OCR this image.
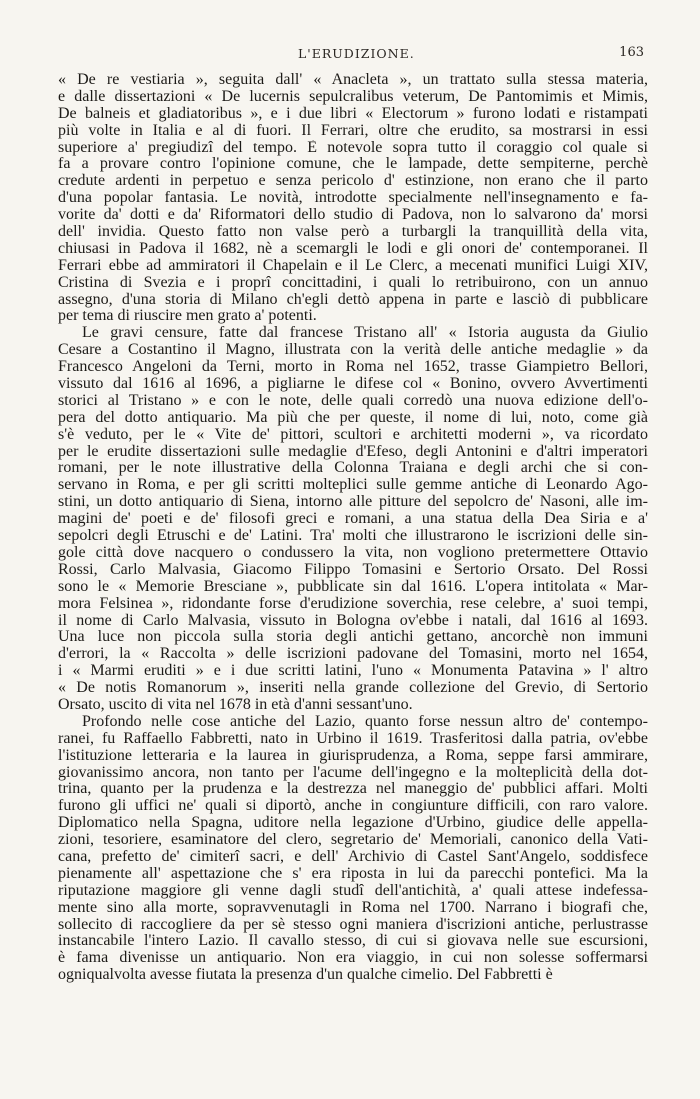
L'ERUDIZIONE.	163
« De re vestiaria », seguita dall' « Anacleta », un trattato sulla stessa materia,
e dalle dissertazioni « De lucernis sepulcralibus veterum, De Pantomimis et Mimis,
De balneis et gladiatoribus », e i due libri « Electorum » furono lodati e ristampati
più volte in Italia e al di fuori. Il Ferrari, oltre che erudito, sa mostrarsi in essi
superiore a' pregiudizî del tempo. È notevole sopra tutto il coraggio col quale si
fa a provare contro l'opinione comune, che le lampade, dette sempiterne, perchè
credute ardenti in perpetuo e senza pericolo d' estinzione, non erano che il parto
d'una popolar fantasia. Le novità, introdotte specialmente nell'insegnamento e fa-
vorite da' dotti e da' Riformatori dello studio di Padova, non lo salvarono da' morsi
dell' invidia. Questo fatto non valse però a turbargli la tranquillità della vita,
chiusasi in Padova il 1682, nè a scemargli le lodi e gli onori de' contemporanei. Il
Ferrari ebbe ad ammiratori il Chapelain e il Le Clerc, a mecenati munifici Luigi XIV,
Cristina di Svezia e i proprî concittadini, i quali lo retribuirono, con un annuo
assegno, d'una storia di Milano ch'egli dettò appena in parte e lasciò di pubblicare
per tema di riuscire men grato a' potenti.
Le gravi censure, fatte dal francese Tristano all' « Istoria augusta da Giulio
Cesare a Costantino il Magno, illustrata con la verità delle antiche medaglie » da
Francesco Angeloni da Terni, morto in Roma nel 1652, trasse Giampietro Bellori,
vissuto dal 1616 al 1696, a pigliarne le difese col « Bonino, ovvero Avvertimenti
storici al Tristano » e con le note, delle quali corredò una nuova edizione dell'o-
pera del dotto antiquario. Ma più che per queste, il nome di lui, noto, come già
s'è veduto, per le « Vite de' pittori, scultori e architetti moderni », va ricordato
per le erudite dissertazioni sulle medaglie d'Efeso, degli Antonini e d'altri imperatori
romani, per le note illustrative della Colonna Traiana e degli archi che si con-
servano in Roma, e per gli scritti molteplici sulle gemme antiche di Leonardo Ago-
stini, un dotto antiquario di Siena, intorno alle pitture del sepolcro de' Nasoni, alle im-
magini de' poeti e de' filosofi greci e romani, a una statua della Dea Siria e a'
sepolcri degli Etruschi e de' Latini. Tra' molti che illustrarono le iscrizioni delle sin-
gole città dove nacquero o condussero la vita, non vogliono pretermettere Ottavio
Rossi, Carlo Malvasia, Giacomo Filippo Tomasini e Sertorio Orsato. Del Rossi
sono le « Memorie Bresciane », pubblicate sin dal 1616. L'opera intitolata « Mar-
mora Felsinea », ridondante forse d'erudizione soverchia, rese celebre, a' suoi tempi,
il nome di Carlo Malvasia, vissuto in Bologna ov'ebbe i natali, dal 1616 al 1693.
Una luce non piccola sulla storia degli antichi gettano, ancorchè non immuni
d'errori, la « Raccolta » delle iscrizioni padovane del Tomasini, morto nel 1654,
i « Marmi eruditi » e i due scritti latini, l'uno « Monumenta Patavina » l' altro
« De notis Romanorum », inseriti nella grande collezione del Grevio, di Sertorio
Orsato, uscito di vita nel 1678 in età d'anni sessant'uno.
Profondo nelle cose antiche del Lazio, quanto forse nessun altro de' contempo-
ranei, fu Raffaello Fabbretti, nato in Urbino il 1619. Trasferitosi dalla patria, ov'ebbe
l'istituzione letteraria e la laurea in giurisprudenza, a Roma, seppe farsi ammirare,
giovanissimo ancora, non tanto per l'acume dell'ingegno e la molteplicità della dot-
trina, quanto per la prudenza e la destrezza nel maneggio de' pubblici affari. Molti
furono gli uffici ne' quali si diportò, anche in congiunture difficili, con raro valore.
Diplomatico nella Spagna, uditore nella legazione d'Urbino, giudice delle appella-
zioni, tesoriere, esaminatore del clero, segretario de' Memoriali, canonico della Vati-
cana, prefetto de' cimiterî sacri, e dell' Archivio di Castel Sant'Angelo, soddisfece
pienamente all' aspettazione che s' era riposta in lui da parecchi pontefici. Ma la
riputazione maggiore gli venne dagli studî dell'antichità, a' quali attese indefessa-
mente sino alla morte, sopravvenutagli in Roma nel 1700. Narrano i biografi che,
sollecito di raccogliere da per sè stesso ogni maniera d'iscrizioni antiche, perlustrasse
instancabile l'intero Lazio. Il cavallo stesso, di cui si giovava nelle sue escursioni,
è fama divenisse un antiquario. Non era viaggio, in cui non solesse soffermarsi
ogniqualvolta avesse fiutata la presenza d'un qualche cimelio. Del Fabbretti è
